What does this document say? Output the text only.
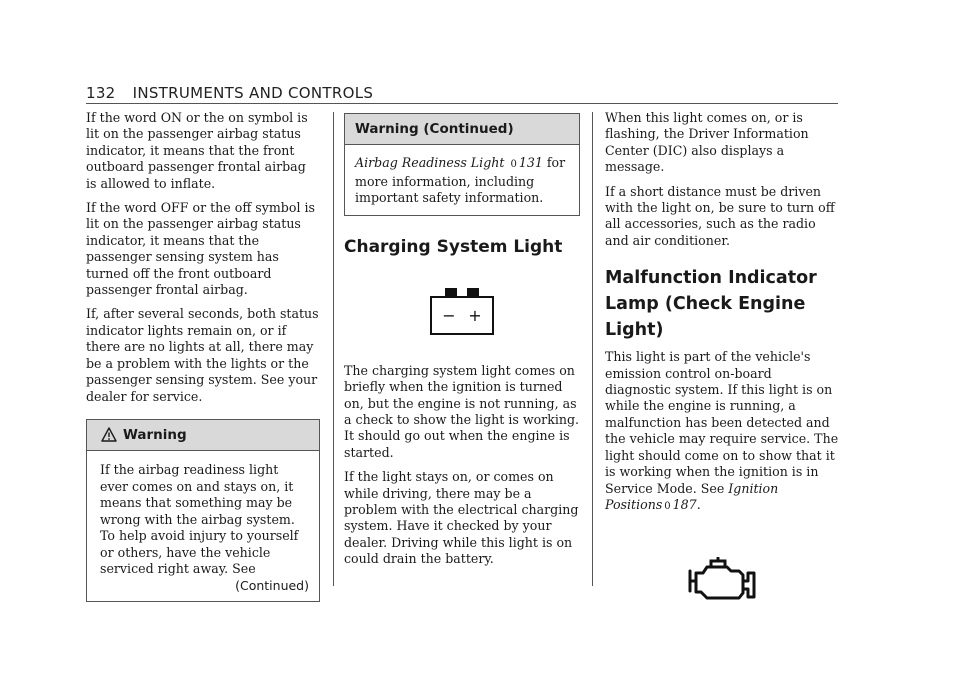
132 INSTRUMENTS AND CONTROLS

If the word ON or the on symbol is lit on the passenger airbag status indicator, it means that the front outboard passenger frontal airbag is allowed to inflate.

If the word OFF or the off symbol is lit on the passenger airbag status indicator, it means that the passenger sensing system has turned off the front outboard passenger frontal airbag.

If, after several seconds, both status indicator lights remain on, or if there are no lights at all, there may be a problem with the lights or the passenger sensing system. See your dealer for service.

Warning
If the airbag readiness light ever comes on and stays on, it means that something may be wrong with the airbag system. To help avoid injury to yourself or others, have the vehicle serviced right away. See
(Continued)
Warning (Continued)
Airbag Readiness Light 0 131 for more information, including important safety information.
Charging System Light
− +

The charging system light comes on briefly when the ignition is turned on, but the engine is not running, as a check to show the light is working. It should go out when the engine is started.

If the light stays on, or comes on while driving, there may be a problem with the electrical charging system. Have it checked by your dealer. Driving while this light is on could drain the battery.

When this light comes on, or is flashing, the Driver Information Center (DIC) also displays a message.

If a short distance must be driven with the light on, be sure to turn off all accessories, such as the radio and air conditioner.

Malfunction Indicator Lamp (Check Engine Light)

This light is part of the vehicle's emission control on-board diagnostic system. If this light is on while the engine is running, a malfunction has been detected and the vehicle may require service. The light should come on to show that it is working when the ignition is in Service Mode. See Ignition Positions 0 187.
